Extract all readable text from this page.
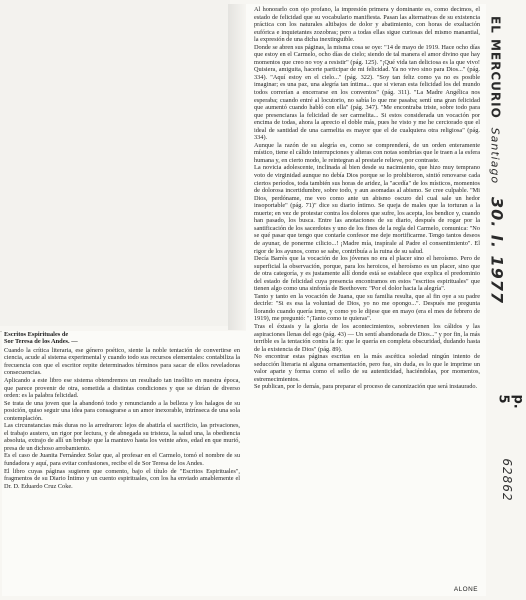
Al honorarlo con ojo profano, la impresión primera y dominante es, como decimos, el estado de felicidad que su vocabulario manifiesta. Pasan las alternativas de su existencia práctica con los naturales altibajos de dolor y abatimiento, con horas de exaltación eufórica e inquietantes zozobras; pero a todas ellas sigue curiosas del mismo manantial, la expresión de una dicha inextinguible.
Donde se abren sus páginas, la misma cosa se oye: "14 de mayo de 1919. Hace ocho días que estoy en el Carmelo, ocho días de cielo; siendo de tal manera el amor divino que hay momentos que creo no voy a resistir" (pág. 125). "¡Qué vida tan deliciosa es la que vivo! Quisiera, amiguita, hacerte participar de mi felicidad. Ya no vivo sino para Dios..." (pág. 334). "Aquí estoy en el cielo..." (pág. 322). "Soy tan feliz como ya no es posible imaginar; es una paz, una alegría tan íntima... que si vieran esta felicidad los del mundo todos correrían a encerrarse en los conventos" (pág. 311). "La Madre Angélica nos esperaba; cuando entré al locutorio, no sabía lo que me pasaba; sentí una gran felicidad que aumentó cuando habló con ella" (pág. 347). "Me encontraba triste, sobre todo para que presenciaras la felicidad de ser carmelita... Si estos considerada un vocación por encima de todas, ahora la aprecio el doble más, pues he visto y me he cerciorado que el ideal de santidad de una carmelita es mayor que el de cualquiera otra religiosa" (pág. 334).
Aunque la razón de su alegría es, como se comprenderá, de un orden enteramente místico, tiene el cálido interrupciones y alteras con notas sombrías que le traen a la esfera humana y, en cierto modo, le reintegran al prestarle relieve, por contraste.
La novicia adolescente, inclinada al bien desde su nacimiento, que hizo muy temprano voto de virginidad aunque no debía Dios porque se lo prohibieron, sintió renovarse cada ciertos períodos, toda también sus horas de aridez, la "acedía" de los místicos, momentos de dolorosa incertidumbre, sobre todo, y aun asomadas al abismo. Se cree culpable. "Mi Dios, perdóname, me veo como ante un abismo oscuro del cual sale un hedor insoportable" (pág. 71)" dice su diario íntimo. Se queja de males que la torturan a la muerte; en vez de protestar contra los dolores que sufre, los acepta, los bendice y, cuando han pasado, los busca. Entre las anotaciones de su diario, después de rogar por la santificación de los sacerdotes y uno de los fines de la regla del Carmelo, comunica: "No se qué pasar que tengo que contarle confesor me deje mortificarme. Tengo tantos deseos de ayunar, de ponerme cilicio...! ¡Madre mía, inspírale al Padre el consentimiento". El rigor de los ayunos, como se sabe, contribuía a la ruina de su salud.
Decía Barrès que la vocación de los jóvenes no era el placer sino el heroísmo. Pero de superficial la observación, porque, para los heroicos, el heroísmo es un placer, sino que de otra categoría, y es justamente allí donde está se establece que explica el predominio del estado de felicidad cuya presencia encontramos en estos "escritos espirituales" que tienen algo como una sinfonía de Beethoven: "Por el dolor hacia la alegría".
Tanto y tanto en la vocación de Juana, que su familia resulta, que al fin oye a su padre decirle: "Si es esa la voluntad de Dios, yo no me opongo...". Después me pregunta llorando cuando quería irme, y como yo le dijese que en mayo (era el mes de febrero de 1919), me preguntó: "¡Tanto como te quieras".
Tras el éxtasis y la gloria de los acontecimientos, sobrevienen los cálidos y las aspiraciones llenas del ego (pág. 43) — Un sentí abandonada de Dios..." y por fin, la más terrible es la tentación contra la fe: que le quería en completa obscuridad, dudando hasta de la existencia de Dios" (pág. 89).
No encontrar estas páginas escritas en la más ascética soledad ningún intento de seducción literaria ni alguna ornamentación, pero fue, sin duda, es lo que le imprime un valor aparte y forma como el sello de su autenticidad, haciéndolas, por momentos, estremecimientos.
Se publican, por lo demás, para preparar el proceso de canonización que será instaurado.

ALONE
Escritos Espirituales de
Sor Teresa de los Andes. —

Cuando la crítica literaria, ese género poético, siente la noble tentación de convertirse en ciencia, acude al sistema experimental y cuando todo sus recursos elementales: contabiliza la frecuencia con que el escritor repite determinados términos para sacar de ellos reveladoras consecuencias.
Aplicando a este libro ese sistema obtendremos un resultado tan insólito en nuestra época, que parece provenir de otra, sometida a distintas condiciones y que se dirían de diverso orden: es la palabra felicidad.
Se trata de una joven que la abandonó todo y renunciando a la belleza y los halagos de su posición, quiso seguir una idea para consagrarse a un amor inexorable, intrínseca de una sola contemplación.
Las circunstancias más duras no la arredraron: lejos de abatirla el sacrificio, las privaciones, el trabajo austero, un rigor por lectura, y de abnegada su tristeza, la salud una, la obediencia absoluta, extrajo de allí un brebaje que la mantuvo hasta los veinte años, edad en que murió, presa de un dichoso arrobamiento.
Es el caso de Juanita Fernández Solar que, al profesar en el Carmelo, tomó el nombre de su fundadora y aquí, para evitar confusiones, recibe el de Sor Teresa de los Andes.
El libro cuyas páginas sugieren que comento, bajo el título de "Escritos Espirituales", fragmentos de su Diario Íntimo y un cuento espirituales, con los ha enviado amablemente el Dr. D. Eduardo Cruz Coke.

EL MERCURIO Santiago 30. I. 1977
p. 5
62862
